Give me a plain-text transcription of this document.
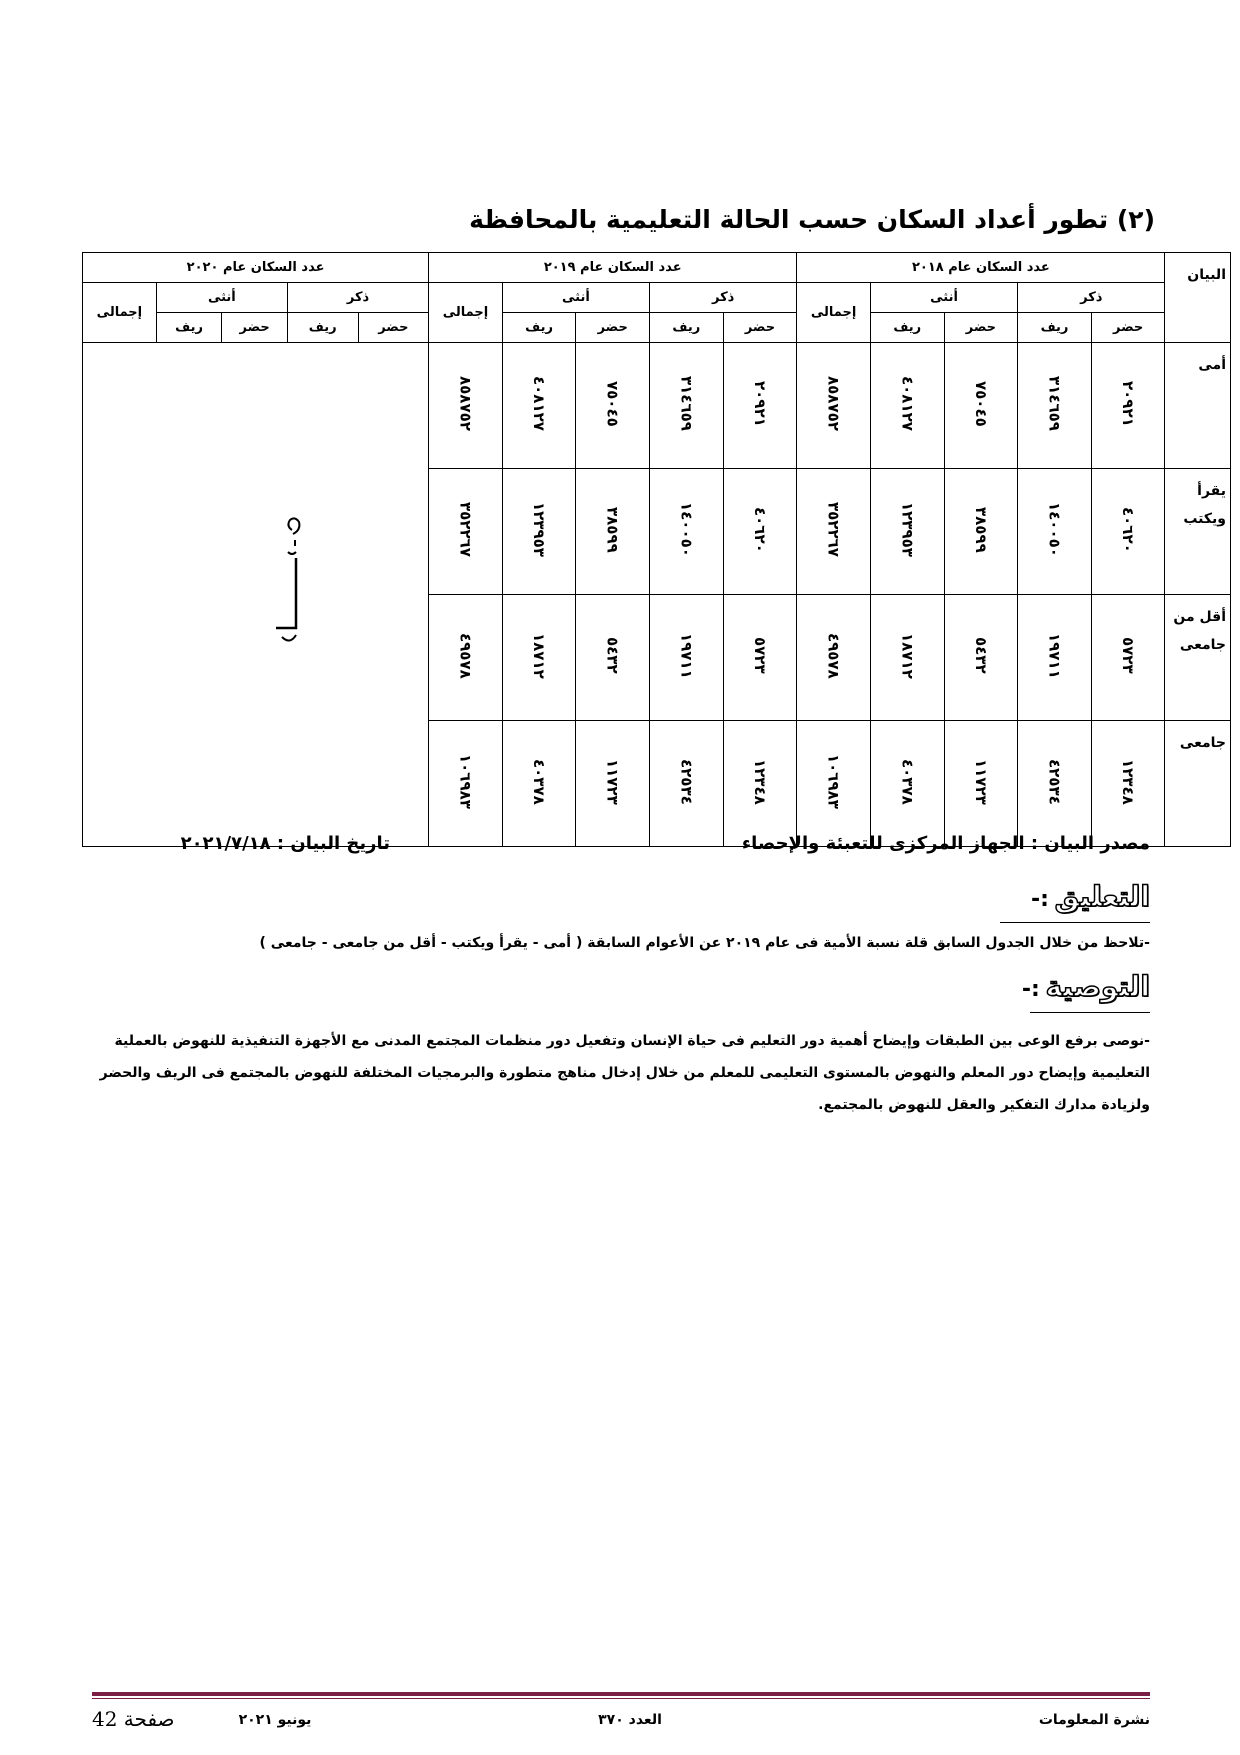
(٢) تطور أعداد السكان حسب الحالة التعليمية بالمحافظة
البيان	عدد السكان عام ٢٠١٨					عدد السكان عام ٢٠١٩					عدد السكان عام ٢٠٢٠				
	ذكر		أنثى		إجمالى	ذكر		أنثى		إجمالى	ذكر		أنثى		إجمالى
	حضر	ريف	حضر	ريف		حضر	ريف	حضر	ريف		حضر	ريف	حضر	ريف	
أمى	٢٠٩٢١	٣١٤٦٥٩	٧٥٠٤٥	٤٠٨١٢٧	٨٥٨٧٥٢	٢٠٩٢١	٣١٤٦٥٩	٧٥٠٤٥	٤٠٨١٢٧	٨٥٨٧٥٢					
يقرأ ويكتب	٤٠٦٢٠	١٤٠٠٥٠	٣٨٥٩٩	١٢٣٩٥٣	٣٥٢٢٦٧	٤٠٦٢٠	١٤٠٠٥٠	٣٨٥٩٩	١٢٣٩٥٣	٣٥٢٢٦٧					
أقل من جامعى	٥٧٢٣	١٩٧١١	٥٤٣٢	١٨٧١٢	٤٩٥٧٨	٥٧٢٣	١٩٧١١	٥٤٣٢	١٨٧١٢	٤٩٥٧٨					
جامعى	١٢٣٤٨	٤٢٥٣٤	١١٧٢٣	٤٠٣٧٨	١٠٦٩٨٣	١٢٣٤٨	٤٢٥٣٤	١١٧٢٣	٤٠٣٧٨	١٠٦٩٨٣					
مصدر البيان : الجهاز المركزى للتعبئة والإحصاء
تاريخ البيان : ٢٠٢١/٧/١٨
التعليق :-
-تلاحظ من خلال الجدول السابق قلة نسبة الأمية فى عام ٢٠١٩ عن الأعوام السابقة ( أمى - يقرأ ويكتب - أقل من جامعى - جامعى )
التوصية :-
-نوصى برفع الوعى بين الطبقات وإيضاح أهمية دور التعليم فى حياة الإنسان وتفعيل دور منظمات المجتمع المدنى مع الأجهزة التنفيذية للنهوض بالعملية
التعليمية وإيضاح دور المعلم والنهوض بالمستوى التعليمى للمعلم من خلال إدخال مناهج متطورة والبرمجيات المختلفة للنهوض بالمجتمع فى الريف والحضر
ولزيادة مدارك التفكير والعقل للنهوض بالمجتمع.
نشرة المعلومات
العدد ٣٧٠
يونيو ٢٠٢١
صفحة 42
